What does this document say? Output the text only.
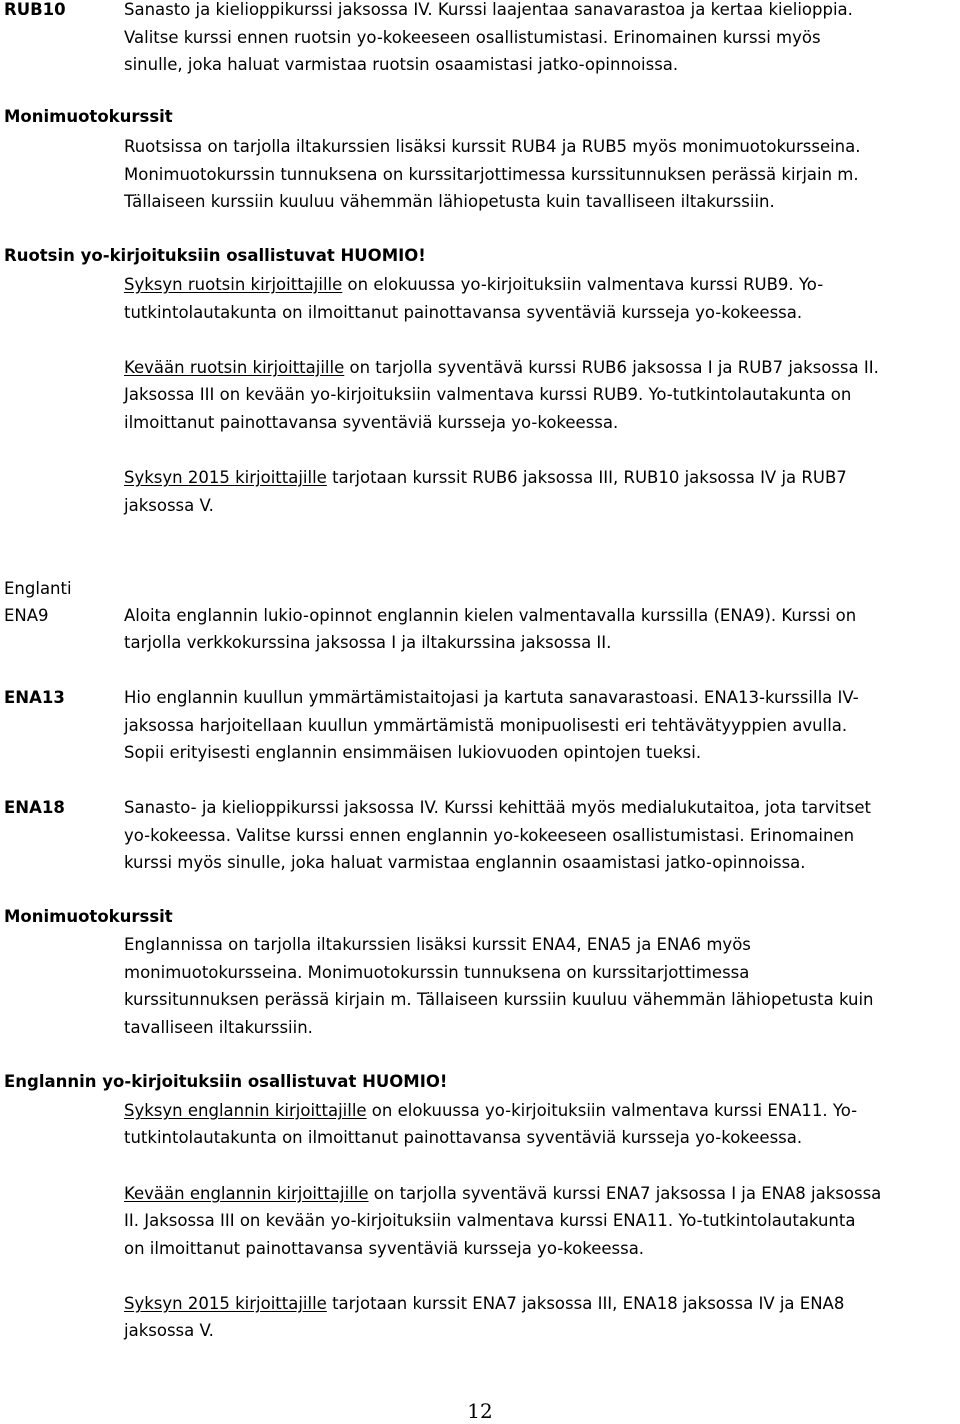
RUB10	Sanasto ja kielioppikurssi jaksossa IV. Kurssi laajentaa sanavarastoa ja kertaa kielioppia.
Valitse kurssi ennen ruotsin yo-kokeeseen osallistumistasi. Erinomainen kurssi myös
sinulle, joka haluat varmistaa ruotsin osaamistasi jatko-opinnoissa.
Monimuotokurssit
Ruotsissa on tarjolla iltakurssien lisäksi kurssit RUB4 ja RUB5 myös monimuotokursseina.
Monimuotokurssin tunnuksena on kurssitarjottimessa kurssitunnuksen perässä kirjain m.
Tällaiseen kurssiin kuuluu vähemmän lähiopetusta kuin tavalliseen iltakurssiin.
Ruotsin yo-kirjoituksiin osallistuvat HUOMIO!
Syksyn ruotsin kirjoittajille on elokuussa yo-kirjoituksiin valmentava kurssi RUB9. Yo-
tutkintolautakunta on ilmoittanut painottavansa syventäviä kursseja yo-kokeessa.
Kevään ruotsin kirjoittajille on tarjolla syventävä kurssi RUB6 jaksossa I ja RUB7 jaksossa II.
Jaksossa III on kevään yo-kirjoituksiin valmentava kurssi RUB9. Yo-tutkintolautakunta on
ilmoittanut painottavansa syventäviä kursseja yo-kokeessa.
Syksyn 2015 kirjoittajille tarjotaan kurssit RUB6 jaksossa III, RUB10 jaksossa IV ja RUB7
jaksossa V.
Englanti
ENA9	Aloita englannin lukio-opinnot englannin kielen valmentavalla kurssilla (ENA9). Kurssi on
tarjolla verkkokurssina jaksossa I ja iltakurssina jaksossa II.
ENA13	Hio englannin kuullun ymmärtämistaitojasi ja kartuta sanavarastoasi. ENA13-kurssilla IV-
jaksossa harjoitellaan kuullun ymmärtämistä monipuolisesti eri tehtävätyyppien avulla.
Sopii erityisesti englannin ensimmäisen lukiovuoden opintojen tueksi.
ENA18	Sanasto- ja kielioppikurssi jaksossa IV. Kurssi kehittää myös medialukutaitoa, jota tarvitset
yo-kokeessa. Valitse kurssi ennen englannin yo-kokeeseen osallistumistasi. Erinomainen
kurssi myös sinulle, joka haluat varmistaa englannin osaamistasi jatko-opinnoissa.
Monimuotokurssit
Englannissa on tarjolla iltakurssien lisäksi kurssit ENA4, ENA5 ja ENA6 myös
monimuotokursseina. Monimuotokurssin tunnuksena on kurssitarjottimessa
kurssitunnuksen perässä kirjain m. Tällaiseen kurssiin kuuluu vähemmän lähiopetusta kuin
tavalliseen iltakurssiin.
Englannin yo-kirjoituksiin osallistuvat HUOMIO!
Syksyn englannin kirjoittajille on elokuussa yo-kirjoituksiin valmentava kurssi ENA11. Yo-
tutkintolautakunta on ilmoittanut painottavansa syventäviä kursseja yo-kokeessa.
Kevään englannin kirjoittajille on tarjolla syventävä kurssi ENA7 jaksossa I ja ENA8 jaksossa
II. Jaksossa III on kevään yo-kirjoituksiin valmentava kurssi ENA11. Yo-tutkintolautakunta
on ilmoittanut painottavansa syventäviä kursseja yo-kokeessa.
Syksyn 2015 kirjoittajille tarjotaan kurssit ENA7 jaksossa III, ENA18 jaksossa IV ja ENA8
jaksossa V.
12
